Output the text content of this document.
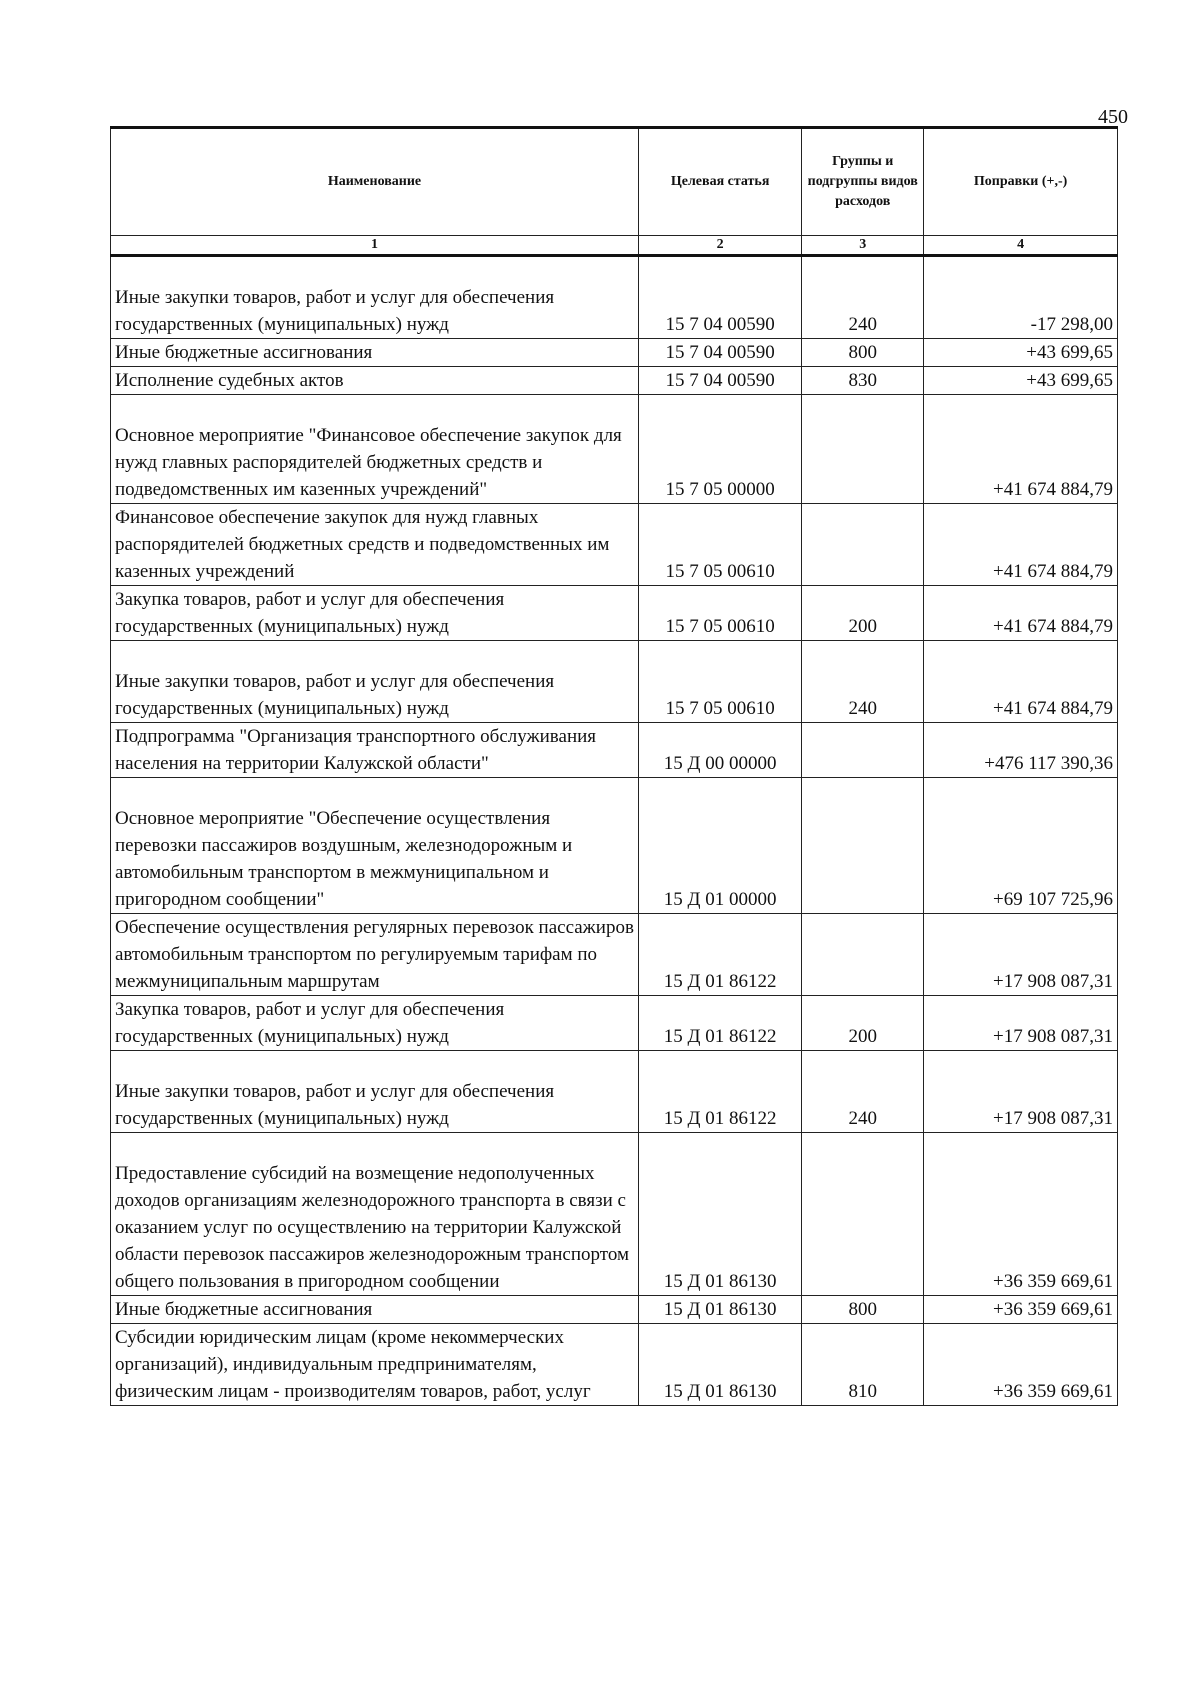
450
Наименование	Целевая статья	Группы и подгруппы видов расходов	Поправки (+,-)
1	2	3	4

Иные закупки товаров, работ и услуг для обеспечения государственных (муниципальных) нужд	15 7 04 00590	240	-17 298,00
Иные бюджетные ассигнования	15 7 04 00590	800	+43 699,65
Исполнение судебных актов	15 7 04 00590	830	+43 699,65

Основное мероприятие "Финансовое обеспечение закупок для нужд главных распорядителей бюджетных средств и подведомственных им казенных учреждений"	15 7 05 00000		+41 674 884,79
Финансовое обеспечение закупок для нужд главных распорядителей бюджетных средств и подведомственных им казенных учреждений	15 7 05 00610		+41 674 884,79
Закупка товаров, работ и услуг для обеспечения государственных (муниципальных) нужд	15 7 05 00610	200	+41 674 884,79

Иные закупки товаров, работ и услуг для обеспечения государственных (муниципальных) нужд	15 7 05 00610	240	+41 674 884,79
Подпрограмма "Организация транспортного обслуживания населения на территории Калужской области"	15 Д 00 00000		+476 117 390,36

Основное мероприятие "Обеспечение осуществления перевозки пассажиров воздушным, железнодорожным и автомобильным транспортом в межмуниципальном и пригородном сообщении"	15 Д 01 00000		+69 107 725,96
Обеспечение осуществления регулярных перевозок пассажиров автомобильным транспортом по регулируемым тарифам по межмуниципальным маршрутам	15 Д 01 86122		+17 908 087,31
Закупка товаров, работ и услуг для обеспечения государственных (муниципальных) нужд	15 Д 01 86122	200	+17 908 087,31

Иные закупки товаров, работ и услуг для обеспечения государственных (муниципальных) нужд	15 Д 01 86122	240	+17 908 087,31

Предоставление субсидий на возмещение недополученных доходов организациям железнодорожного транспорта в связи с оказанием услуг по осуществлению на территории Калужской области перевозок пассажиров железнодорожным транспортом общего пользования в пригородном сообщении	15 Д 01 86130		+36 359 669,61
Иные бюджетные ассигнования	15 Д 01 86130	800	+36 359 669,61
Субсидии юридическим лицам (кроме некоммерческих организаций), индивидуальным предпринимателям, физическим лицам - производителям товаров, работ, услуг	15 Д 01 86130	810	+36 359 669,61
